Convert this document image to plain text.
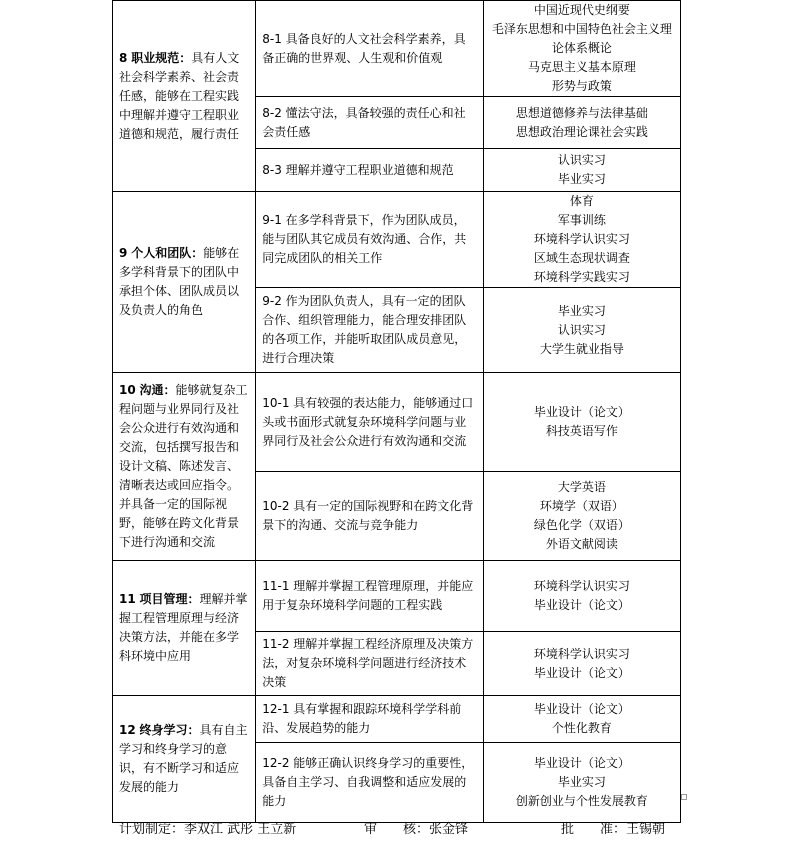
8 职业规范：具有人文社会科学素养、社会责任感，能够在工程实践中理解并遵守工程职业道德和规范，履行责任	8-1 具备良好的人文社会科学素养，具备正确的世界观、人生观和价值观	中国近现代史纲要
毛泽东思想和中国特色社会主义理
论体系概论
马克思主义基本原理
形势与政策

	8-2 懂法守法，具备较强的责任心和社会责任感	思想道德修养与法律基础
思想政治理论课社会实践

	8-3 理解并遵守工程职业道德和规范	认识实习
毕业实习

9 个人和团队：能够在多学科背景下的团队中承担个体、团队成员以及负责人的角色	9-1 在多学科背景下，作为团队成员，能与团队其它成员有效沟通、合作，共同完成团队的相关工作	体育
军事训练
环境科学认识实习
区域生态现状调查
环境科学实践实习

	9-2 作为团队负责人，具有一定的团队合作、组织管理能力，能合理安排团队的各项工作，并能听取团队成员意见，进行合理决策	毕业实习
认识实习
大学生就业指导

10 沟通：能够就复杂工程问题与业界同行及社会公众进行有效沟通和交流，包括撰写报告和设计文稿、陈述发言、清晰表达或回应指令。并具备一定的国际视野，能够在跨文化背景下进行沟通和交流	10-1 具有较强的表达能力，能够通过口头或书面形式就复杂环境科学问题与业界同行及社会公众进行有效沟通和交流	毕业设计（论文）
科技英语写作

	10-2 具有一定的国际视野和在跨文化背景下的沟通、交流与竞争能力	大学英语
环境学（双语）
绿色化学（双语）
外语文献阅读

11 项目管理：理解并掌握工程管理原理与经济决策方法，并能在多学科环境中应用	11-1 理解并掌握工程管理原理，并能应用于复杂环境科学问题的工程实践	环境科学认识实习
毕业设计（论文）

	11-2 理解并掌握工程经济原理及决策方法，对复杂环境科学问题进行经济技术决策	环境科学认识实习
毕业设计（论文）

12 终身学习：具有自主学习和终身学习的意识，有不断学习和适应发展的能力	12-1 具有掌握和跟踪环境科学学科前沿、发展趋势的能力	毕业设计（论文）
个性化教育

	12-2 能够正确认识终身学习的重要性，具备自主学习、自我调整和适应发展的能力	毕业设计（论文）
毕业实习
创新创业与个性发展教育
计划制定：李双江 武彤 王立新	审　　核：张金锋	批　　准：王锡朝
